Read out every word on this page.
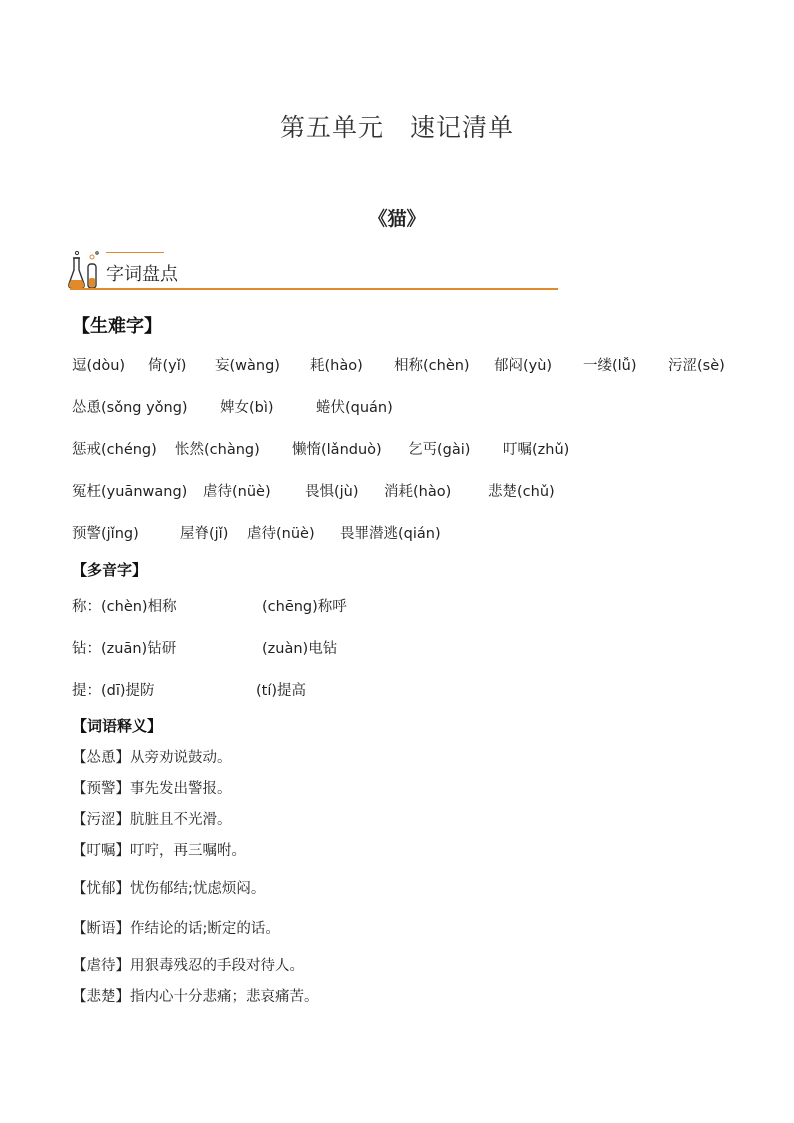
第五单元　速记清单
《猫》
字词盘点
【生难字】
逗(dòu) 倚(yǐ) 妄(wàng) 耗(hào) 相称(chèn) 郁闷(yù) 一缕(lǚ) 污涩(sè)
怂恿(sǒng yǒng) 婢女(bì)	蜷伏(quán)
惩戒(chéng) 怅然(chàng) 懒惰(lǎnduò) 乞丐(gài) 叮嘱(zhǔ)
冤枉(yuānwang) 虐待(nüè) 畏惧(jù) 消耗(hào)	悲楚(chǔ)
预警(jǐng)	屋脊(jǐ) 虐待(nüè) 畏罪潜逃(qián)
【多音字】
称：(chèn)相称	(chēng)称呼
钻：(zuān)钻研	(zuàn)电钻
提：(dī)提防	(tí)提高
【词语释义】
【怂恿】从旁劝说鼓动。
【预警】事先发出警报。
【污涩】肮脏且不光滑。
【叮嘱】叮咛，再三嘱咐。
【忧郁】忧伤郁结;忧虑烦闷。
【断语】作结论的话;断定的话。
【虐待】用狠毒残忍的手段对待人。
【悲楚】指内心十分悲痛；悲哀痛苦。
